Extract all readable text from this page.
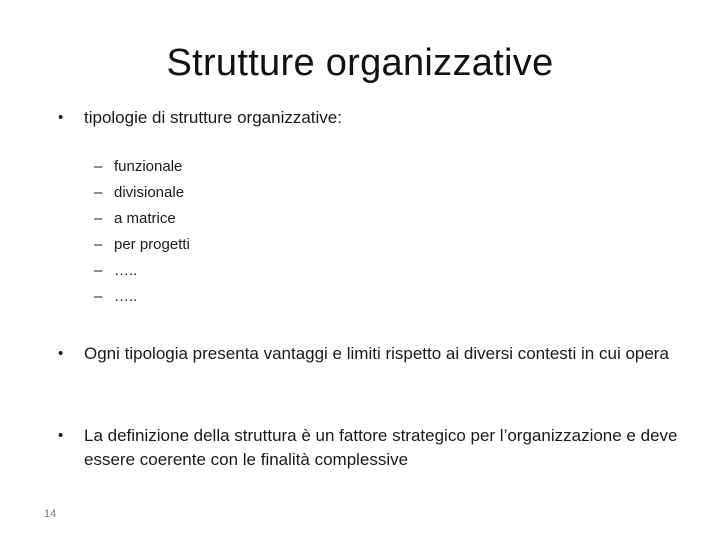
Strutture organizzative
•	tipologie di strutture organizzative:
– funzionale
– divisionale
– a matrice
– per progetti
– …..
– …..
•	Ogni tipologia presenta vantaggi e limiti rispetto ai diversi contesti in cui opera
•	La definizione della struttura è un fattore strategico per l’organizzazione e deve essere coerente con le finalità complessive
14
